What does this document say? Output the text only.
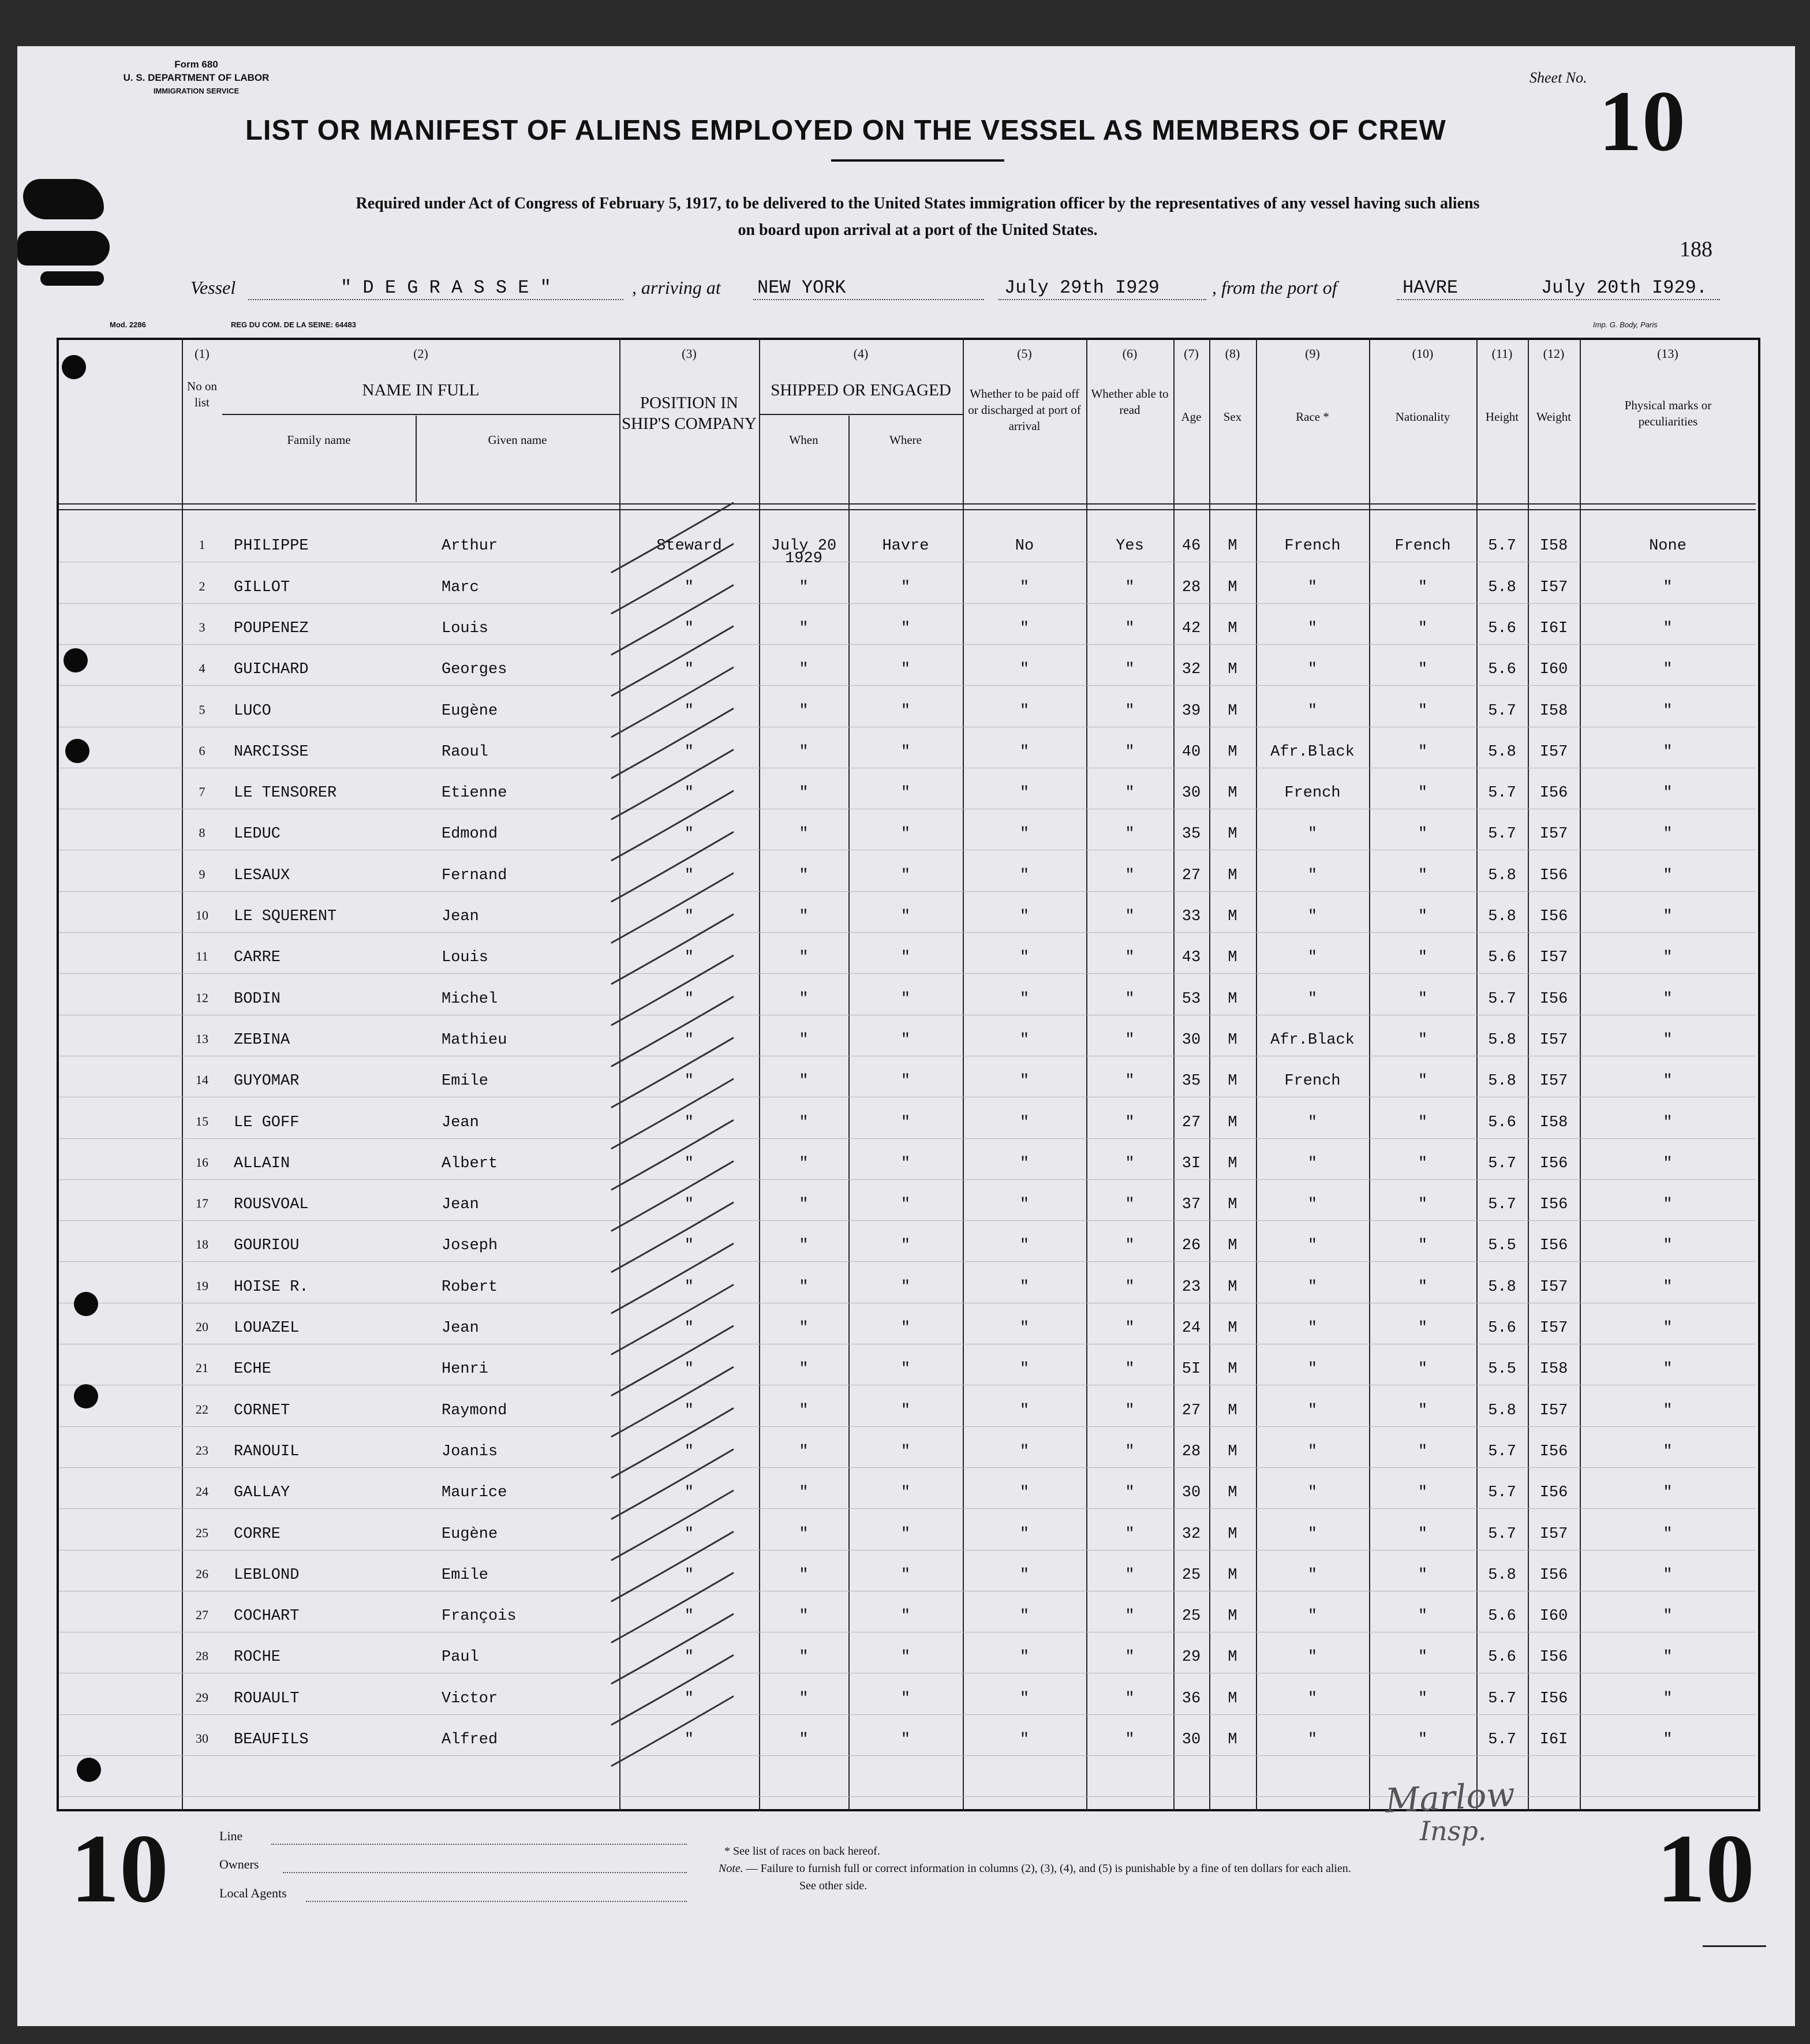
Form 680
U. S. DEPARTMENT OF LABOR
IMMIGRATION SERVICE
Sheet No. 10
LIST OR MANIFEST OF ALIENS EMPLOYED ON THE VESSEL AS MEMBERS OF CREW
Required under Act of Congress of February 5, 1917, to be delivered to the United States immigration officer by the representatives of any vessel having such aliens
on board upon arrival at a port of the United States.
188
Vessel	" D E G R A S S E "	, arriving at NEW YORK	July 29th I929	, from the port of	HAVRE	July 20th I929.
Mod. 2286	REG DU COM. DE LA SEINE: 64483	Imp. G. Body, Paris
(1)	(2)	(3)	(4)	(5)	(6)	(7)	(8)	(9)	(10)	(11)	(12)	(13)
No on list
NAME IN FULL
Family name	Given name
POSITION IN SHIP'S COMPANY
SHIPPED OR ENGAGED
When	Where
Whether to be paid off or discharged at port of arrival
Whether able to read	Age	Sex	Race *	Nationality	Height	Weight
Physical marks or peculiarities
1	PHILIPPE	Arthur	Steward	July 20	Havre	No	Yes	46	M	French	French	5.7	I58	None
1929
2	GILLOT	Marc	"	"	"	"	"	28	M	"	"	5.8	I57	"
3	POUPENEZ	Louis	"	"	"	"	"	42	M	"	"	5.6	I6I	"
4	GUICHARD	Georges	"	"	"	"	"	32	M	"	"	5.6	I60	"
5	LUCO	Eugène	"	"	"	"	"	39	M	"	"	5.7	I58	"
6	NARCISSE	Raoul	"	"	"	"	"	40	M	Afr.Black	"	5.8	I57	"
7	LE TENSORER	Etienne	"	"	"	"	"	30	M	French	"	5.7	I56	"
8	LEDUC	Edmond	"	"	"	"	"	35	M	"	"	5.7	I57	"
9	LESAUX	Fernand	"	"	"	"	"	27	M	"	"	5.8	I56	"
10	LE SQUERENT	Jean	"	"	"	"	"	33	M	"	"	5.8	I56	"
11	CARRE	Louis	"	"	"	"	"	43	M	"	"	5.6	I57	"
12	BODIN	Michel	"	"	"	"	"	53	M	"	"	5.7	I56	"
13	ZEBINA	Mathieu	"	"	"	"	"	30	M	Afr.Black	"	5.8	I57	"
14	GUYOMAR	Emile	"	"	"	"	"	35	M	French	"	5.8	I57	"
15	LE GOFF	Jean	"	"	"	"	"	27	M	"	"	5.6	I58	"
16	ALLAIN	Albert	"	"	"	"	"	3I	M	"	"	5.7	I56	"
17	ROUSVOAL	Jean	"	"	"	"	"	37	M	"	"	5.7	I56	"
18	GOURIOU	Joseph	"	"	"	"	"	26	M	"	"	5.5	I56	"
19	HOISE R.	Robert	"	"	"	"	"	23	M	"	"	5.8	I57	"
20	LOUAZEL	Jean	"	"	"	"	"	24	M	"	"	5.6	I57	"
21	ECHE	Henri	"	"	"	"	"	5I	M	"	"	5.5	I58	"
22	CORNET	Raymond	"	"	"	"	"	27	M	"	"	5.8	I57	"
23	RANOUIL	Joanis	"	"	"	"	"	28	M	"	"	5.7	I56	"
24	GALLAY	Maurice	"	"	"	"	"	30	M	"	"	5.7	I56	"
25	CORRE	Eugène	"	"	"	"	"	32	M	"	"	5.7	I57	"
26	LEBLOND	Emile	"	"	"	"	"	25	M	"	"	5.8	I56	"
27	COCHART	François	"	"	"	"	"	25	M	"	"	5.6	I60	"
28	ROCHE	Paul	"	"	"	"	"	29	M	"	"	5.6	I56	"
29	ROUAULT	Victor	"	"	"	"	"	36	M	"	"	5.7	I56	"
30	BEAUFILS	Alfred	"	"	"	"	"	30	M	"	"	5.7	I6I	"
Marlow
Insp.
10	10
Line
Owners
Local Agents
* See list of races on back hereof.
Note. — Failure to furnish full or correct information in columns (2), (3), (4), and (5) is punishable by a fine of ten dollars for each alien.
See other side.
